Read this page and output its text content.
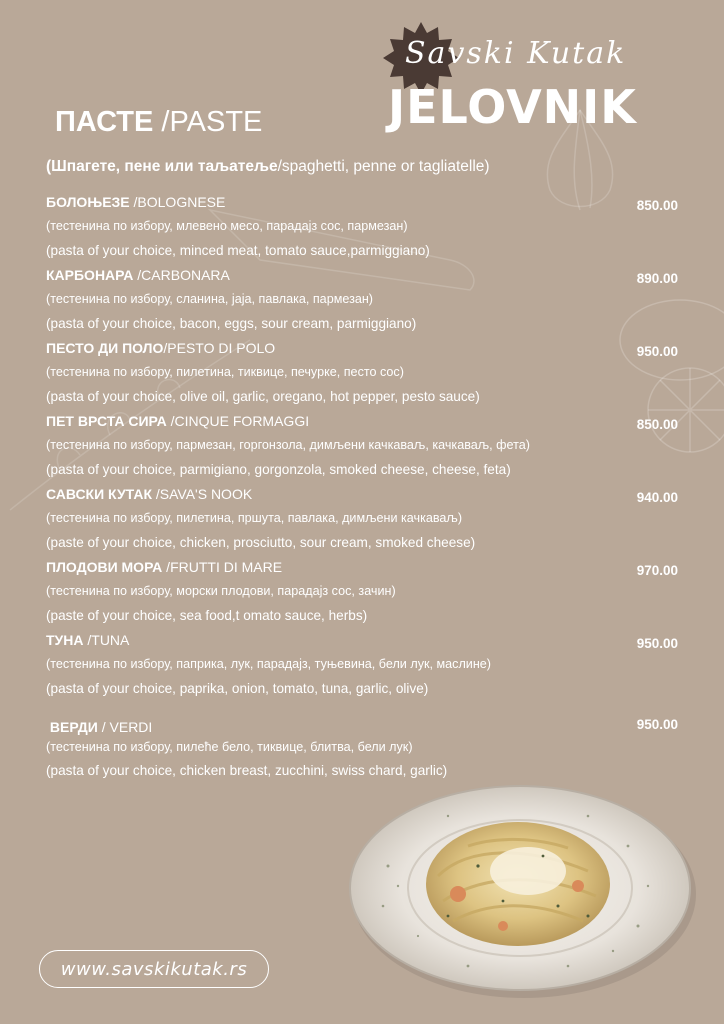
Savski Kutak
JELOVNIK
ПАСТЕ /PASTE
(Шпагете, пене или таљатеље/spaghetti, penne or tagliatelle)
БОЛОЊЕЗЕ /BOLOGNESE	850.00
(тестенина по избору, млевено месо, парадајз сос, пармезан)
(pasta of your choice, minced meat, tomato sauce,parmiggiano)
КАРБОНАРА /CARBONARA	890.00
(тестенина по избору, сланина, јаја, павлака, пармезан)
(pasta of your choice, bacon, eggs, sour cream, parmiggiano)
ПЕСТО ДИ ПОЛО/PESTO DI POLO	950.00
(тестенина по избору, пилетина, тиквице, печурке, песто сос)
(pasta of your choice, olive oil, garlic, oregano, hot pepper, pesto sauce)
ПЕТ ВРСТА СИРА /CINQUE FORMAGGI	850.00
(тестенина по избору, пармезан, горгонзола, димљени качкаваљ, качкаваљ, фета)
(pasta of your choice, parmigiano, gorgonzola, smoked cheese, cheese, feta)
САВСКИ КУТАК /SAVA'S NOOK	940.00
(тестенина по избору, пилетина, пршута, павлака, димљени качкаваљ)
(paste of your choice, chicken, prosciutto, sour cream, smoked cheese)
ПЛОДОВИ МОРА /FRUTTI DI MARE	970.00
(тестенина по избору, морски плодови, парадајз сос, зачин)
(paste of your choice, sea food,t omato sauce, herbs)
ТУНА /TUNA	950.00
(тестенина по избору, паприка, лук, парадајз, туњевина, бели лук, маслине)
(pasta of your choice, paprika, onion, tomato, tuna, garlic, olive)
ВЕРДИ / VERDI	950.00
(тестенина по избору, пилеће бело, тиквице, блитва, бели лук)
(pasta of your choice, chicken breast, zucchini, swiss chard, garlic)
www.savskikutak.rs
